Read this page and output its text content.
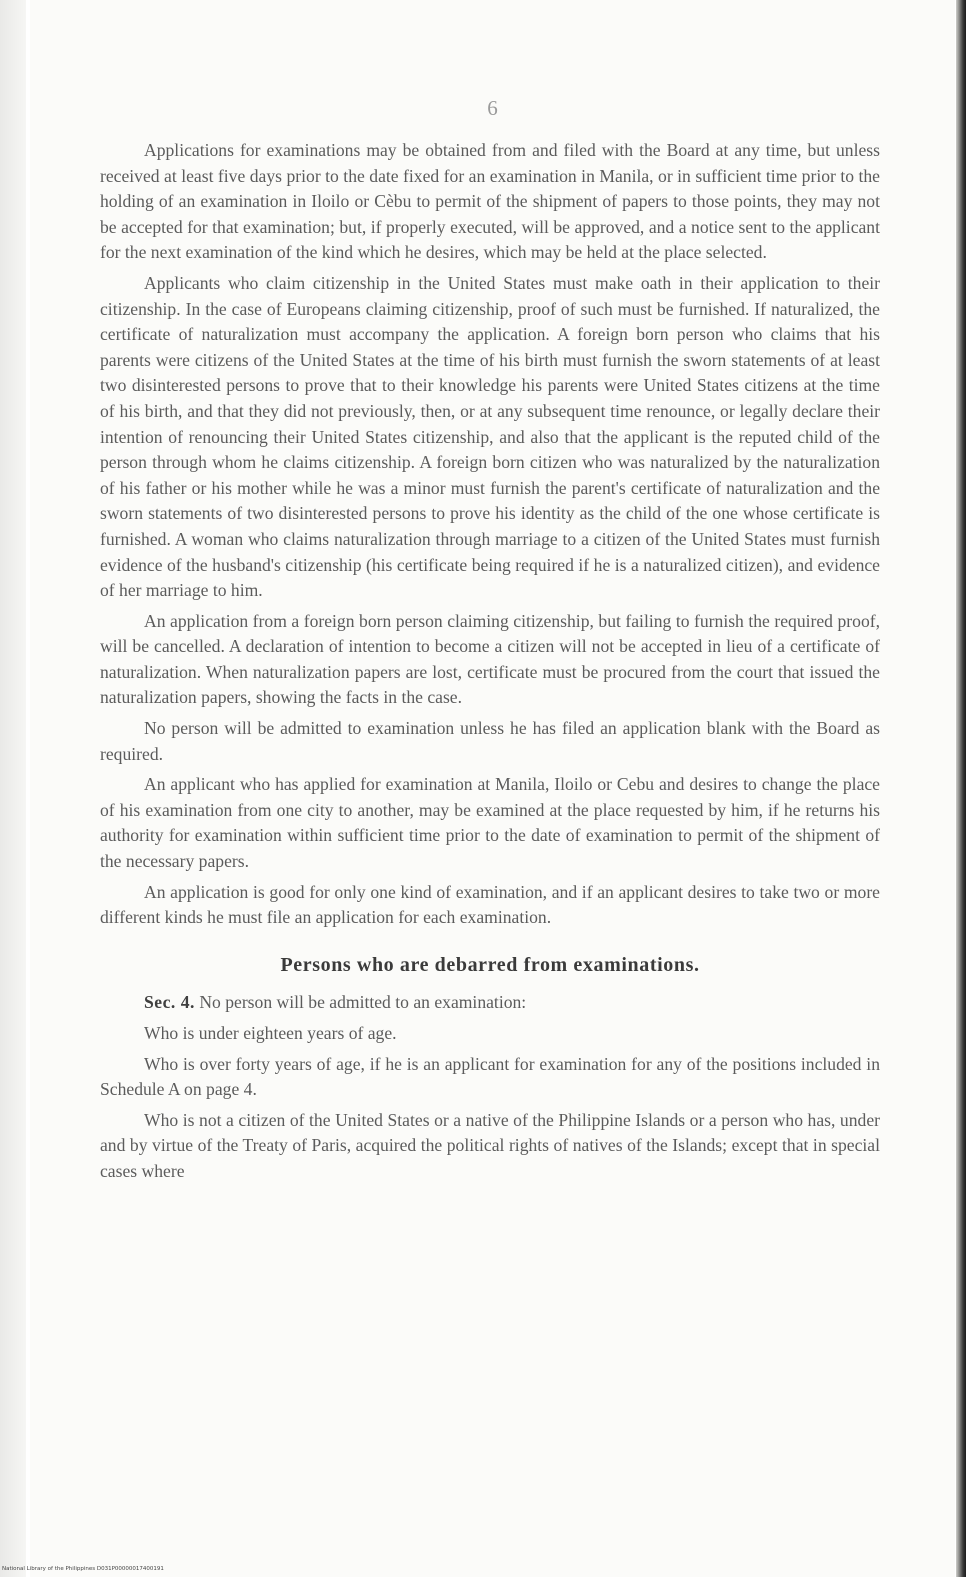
6

Applications for examinations may be obtained from and filed with the Board at any time, but unless received at least five days prior to the date fixed for an examination in Manila, or in sufficient time prior to the holding of an examination in Iloilo or Cèbu to permit of the shipment of papers to those points, they may not be accepted for that examination; but, if properly executed, will be approved, and a notice sent to the applicant for the next examination of the kind which he desires, which may be held at the place selected.

Applicants who claim citizenship in the United States must make oath in their application to their citizenship. In the case of Europeans claiming citizenship, proof of such must be furnished. If naturalized, the certificate of naturalization must accompany the application. A foreign born person who claims that his parents were citizens of the United States at the time of his birth must furnish the sworn statements of at least two disinterested persons to prove that to their knowledge his parents were United States citizens at the time of his birth, and that they did not previously, then, or at any subsequent time renounce, or legally declare their intention of renouncing their United States citizenship, and also that the applicant is the reputed child of the person through whom he claims citizenship. A foreign born citizen who was naturalized by the naturalization of his father or his mother while he was a minor must furnish the parent's certificate of naturalization and the sworn statements of two disinterested persons to prove his identity as the child of the one whose certificate is furnished. A woman who claims naturalization through marriage to a citizen of the United States must furnish evidence of the husband's citizenship (his certificate being required if he is a naturalized citizen), and evidence of her marriage to him.

An application from a foreign born person claiming citizenship, but failing to furnish the required proof, will be cancelled. A declaration of intention to become a citizen will not be accepted in lieu of a certificate of naturalization. When naturalization papers are lost, certificate must be procured from the court that issued the naturalization papers, showing the facts in the case.

No person will be admitted to examination unless he has filed an application blank with the Board as required.

An applicant who has applied for examination at Manila, Iloilo or Cebu and desires to change the place of his examination from one city to another, may be examined at the place requested by him, if he returns his authority for examination within sufficient time prior to the date of examination to permit of the shipment of the necessary papers.

An application is good for only one kind of examination, and if an applicant desires to take two or more different kinds he must file an application for each examination.

Persons who are debarred from examinations.

Sec. 4. No person will be admitted to an examination:

Who is under eighteen years of age.

Who is over forty years of age, if he is an applicant for examination for any of the positions included in Schedule A on page 4.

Who is not a citizen of the United States or a native of the Philippine Islands or a person who has, under and by virtue of the Treaty of Paris, acquired the political rights of natives of the Islands; except that in special cases where

National Library of the Philippines D031P00000017400191
